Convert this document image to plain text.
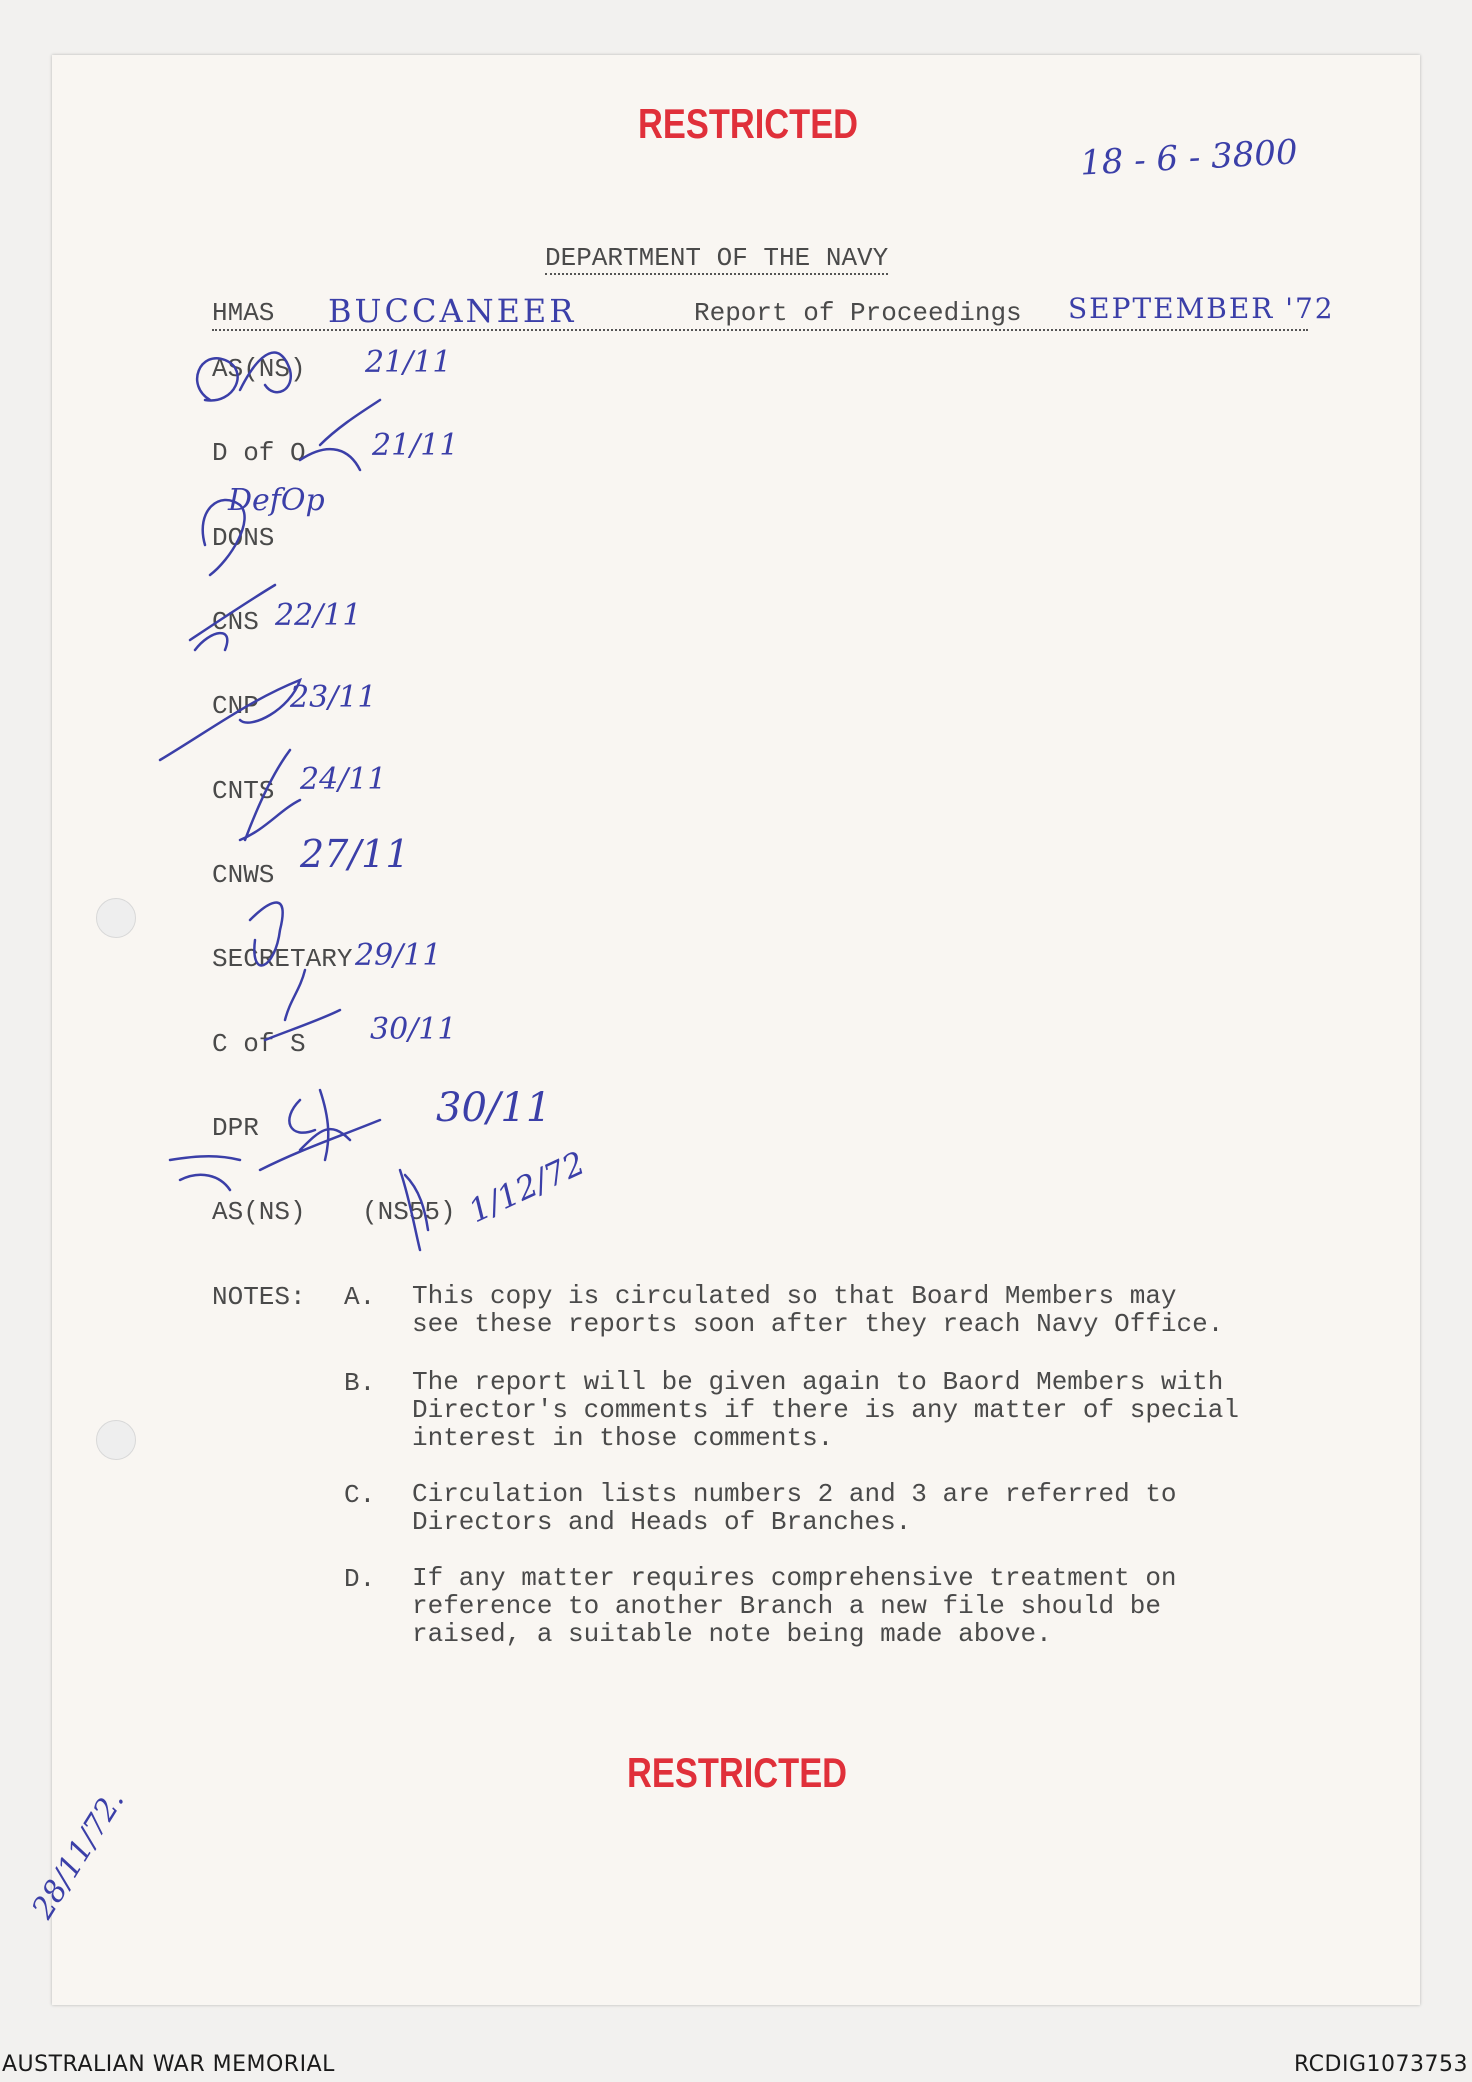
RESTRICTED
18 - 6 - 3800
DEPARTMENT OF THE NAVY
HMAS BUCCANEER	Report of Proceedings SEPTEMBER '72
AS(NS) 21/11
D of O 21/11
DONS
DefOp
CNS 22/11
CNP 23/11
CNTS 24/11
CNWS 27/11
SECRETARY 29/11
C of S 30/11
DPR	30/11
AS(NS) (NS55) 1/12/72
NOTES: A. This copy is circulated so that Board Members may
see these reports soon after they reach Navy Office.
B. The report will be given again to Baord Members with
Director's comments if there is any matter of special
interest in those comments.
C. Circulation lists numbers 2 and 3 are referred to
Directors and Heads of Branches.
D. If any matter requires comprehensive treatment on
reference to another Branch a new file should be
raised, a suitable note being made above.
RESTRICTED
28/11/72.
AUSTRALIAN WAR MEMORIAL	RCDIG1073753
